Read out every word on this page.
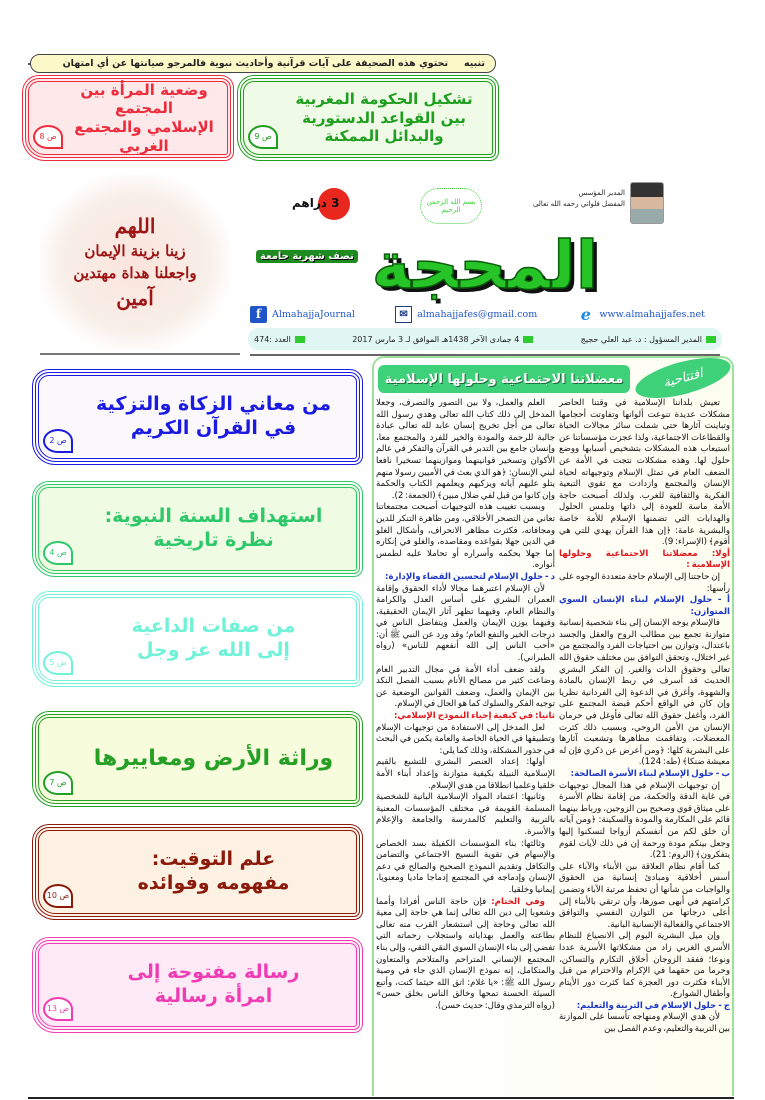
تنبيه
تحتوي هذه الصحيفة على آيات قرآنية وأحاديث نبوية فالمرجو صيانتها عن أي امتهان
تشكيل الحكومة المغربية
بين القواعد الدستورية والبدائل الممكنة
ص 9
وضعية المرأة بين المجتمع
الإسلامي والمجتمع الغربي
ص 8
اللهم
زينا بزينة الإيمان
واجعلنا هداة مهتدين
آمين	المحجة
نصف شهرية جامعة
3 دراهم	بسم الله الرحمن الرحيم
المدير المؤسس
المفضل فلواتي رحمه الله تعالى
f	AlmahajjaJournal	✉ almahajjafes@gmail.com	e www.almahajjafes.net
المدير المسؤول : د. عبد العلي حجيج
4 جمادى الآخر 1438هـ الموافق لـ 3 مارس 2017
العدد :474
افتتاحية
معضلاتنا الاجتماعية وحلولها الإسلامية

تعيش بلداننا الإسلامية في وقتنا الحاضر مشكلات عديدة تنوعت ألوانها وتفاوتت أحجامها وتباينت آثارها حتى شملت سائر مجالات الحياة والقطاعات الاجتماعية، ولذا عجزت مؤسساتنا عن استيعاب هذه المشكلات بتشخيص أسبابها ووضع حلول لها. وهذه مشكلات نتجت في الأمة عن الضعف العام في تمثل الإسلام وتوجيهاته لحياة الإنسان والمجتمع وازدادت مع تقوي التبعية الفكرية والثقافية للغرب. ولذلك أصبحت حاجة الأمة ماسة للعودة إلى ذاتها وتلمس الحلول والهدايات التي تضمنها الإسلام للأمة خاصة والبشرية عامة: ﴿إن هذا القرآن يهدي للتي هي أقوم﴾ (الإسراء: 9).

أولا: معضلاتنا الاجتماعية وحلولها الإسلامية :

إن حاجتنا إلى الإسلام حاجة متعددة الوجوه على رأسها:

أ - حلول الإسلام لبناء الإنسان السوي المتوازن:

فالإسلام يوجه الإنسان إلى بناء شخصية إنسانية متوازنة تجمع بين مطالب الروح والعقل والجسد باعتدال، وتوازن بين احتياجات الفرد والمجتمع من غير اختلال، وتحقق التوافق بين مختلف حقوق الله تعالى وحقوق الذات والغير. إن الفكر البشري الحديث قد أسرف في ربط الإنسان بالمادة والشهوة، وأغرق في الدعوة إلى الفردانية نظريا وإن كان في الواقع أحكم قبضة المجتمع على الفرد، وأغفل حقوق الله تعالى فأوغل في حرمان الإنسان من الأمن الروحي، وبسبب ذلك كثرت المعضلات، وتفاقمت مظاهرها وتشعبت آثارها على البشرية كلها: ﴿ومن أعرض عن ذكري فإن له معيشة ضنكا﴾ (طه: 124).

ب - حلول الإسلام لبناء الأسرة الصالحة:

إن توجيهات الإسلام في هذا المجال توجيهات في غاية الدقة والحكمة، من إقامة نظام الأسرة على ميثاق قوي وصحيح بين الزوجين، ورباط بينهما قائم على المكارمة والمودة والسكينة: ﴿ومن آياته أن خلق لكم من أنفسكم أزواجا لتسكنوا إليها وجعل بينكم مودة ورحمة إن في ذلك لآيات لقوم يتفكرون﴾ (الروم: 21).

كما أقام نظام العلاقة بين الأبناء والآباء على أسس أخلاقية ومبادئ إنسانية من الحقوق والواجبات من شأنها أن تحفظ مرتبة الآباء وتضمن كرامتهم في أبهى صورها، وأن ترتقي بالأبناء إلى أعلى درجاتها من التوازن النفسي والتوافق الاجتماعي والفعالية الإنسانية البانية.

وإن ميل البشرية اليوم إلى الانصياع للنظام الأسري الغربي زاد من مشكلاتها الأسرية عددا ونوعا؛ ففقد الزوجان أخلاق التكارم والتساكن، وحرما من حقهما في الإكرام والاحترام من قبل الأبناء فكثرت دور العجزة كما كثرت دور الأيتام وأطفال الشوارع.

ج - حلول الإسلام في التربية والتعليم:

لأن هدي الإسلام ومنهاجه تأسسا على الموازنة بين التربية والتعليم، وعدم الفصل بين

العلم والعمل، ولا بين التصور والتصرف، وجعلا المدخل إلى ذلك كتاب الله تعالى وهدي رسول الله تعالى من أجل تخريج إنسان عابد لله تعالى عبادة جالبة للرحمة والمودة والخير للفرد والمجتمع معا، وإنسان جامع بين التدبر في القرآن والتفكر في عالم الأكوان وتسخير قوانينهما وموازينهما تسخيرا نافعا لبني الإنسان: ﴿هو الذي بعث في الأميين رسولا منهم يتلو عليهم آياته ويزكيهم ويعلمهم الكتاب والحكمة وإن كانوا من قبل لفي ضلال مبين﴾ (الجمعة: 2).

وبسبب تغييب هذه التوجيهات أصبحت مجتمعاتنا تعاني من التصحر الأخلاقي، ومن ظاهرة التنكر للدين ومجافاته، فكثرت مظاهر الانحراف، وأشكال الغلو في الدين جهلا بقواعده ومقاصده، والغلو في إنكاره إما جهلا بحكمه وأسراره أو تحاملا عليه لطمس أنواره.

د - حلول الإسلام لتحسين القضاء والإدارة:

لأن الإسلام اعتبرهما مجالا لأداء الحقوق وإقامة العمران البشري على أساس العدل والكرامة والنظام العام، وفيهما تظهر آثار الإيمان الحقيقية، وفيهما يوزن الإيمان والعمل ويتفاضل الناس في درجات الخير والنفع العام؛ وقد ورد عن النبي ﷺ أن: «أحب الناس إلى الله أنفعهم للناس» (رواه الطبراني).

ولقد ضعف أداء الأمة في مجال التدبير العام وضاعت كثير من مصالح الأنام بسبب الفصل النكد بين الإيمان والعمل، وضعف القوانين الوضعية عن توجيه الفكر والسلوك كما هو الحال في الإسلام.

ثانيا: في كيفية إحياء النموذج الإسلامي:

لعل المدخل إلى الاستفادة من توجيهات الإسلام وتطبيقها في الحياة الخاصة والعامة يكمن في البحث في جذور المشكلة، وذلك كما يلي:

أولها: إعداد العنصر البشري للتشبع بالقيم الإسلامية النبيلة بكيفية متوازنة وإعداد أبناء الأمة خلقيا وعلميا انطلاقا من هدي الإسلام.

وثانيها: اعتماد المواد الإسلامية البانية للشخصية المسلمة القويمة في مختلف المؤسسات المعنية بالتربية والتعليم كالمدرسة والجامعة والإعلام والأسرة.

وثالثها: بناء المؤسسات الكفيلة بسد الخصاص والإسهام في تقوية النسيج الاجتماعي والتضامن والتكافل وتقديم النموذج الصحيح والصالح في دعم الإنسان وإدماجه في المجتمع إدماجا ماديا ومعنويا، إيمانيا وخلقيا.

وفي الختام: فإن حاجة الناس أفرادا وأمما وشعوبا إلى دين الله تعالى إنما هي حاجة إلى معية الله تعالى وحاجة إلى استشعار القرب منه تعالى بطاعته والعمل بهداياته واستجلاب رحماته التي تفضي إلى بناء الإنسان السوي النقي التقي، وإلى بناء المجتمع الإنساني المتراحم والمتلاحم والمتعاون والمتكامل، إنه نموذج الإنسان الذي جاء في وصية رسول الله ﷺ: «يا غلام: اتق الله حيثما كنت، وأتبع السيئة الحسنة تمحها وخالق الناس بخلق حسن» (رواه الترمذي وقال: حديث حسن).

من معاني الزكاة والتزكية
في القرآن الكريم
ص 2
استهداف السنة النبوية:
نظرة تاريخية
ص 4
من صفات الداعية
إلى الله عز وجل
ص 5
وراثة الأرض ومعاييرها
ص 7
علم التوقيت:
مفهومه وفوائده
ص 10
رسالة مفتوحة إلى
امرأة رسالية
ص 13
